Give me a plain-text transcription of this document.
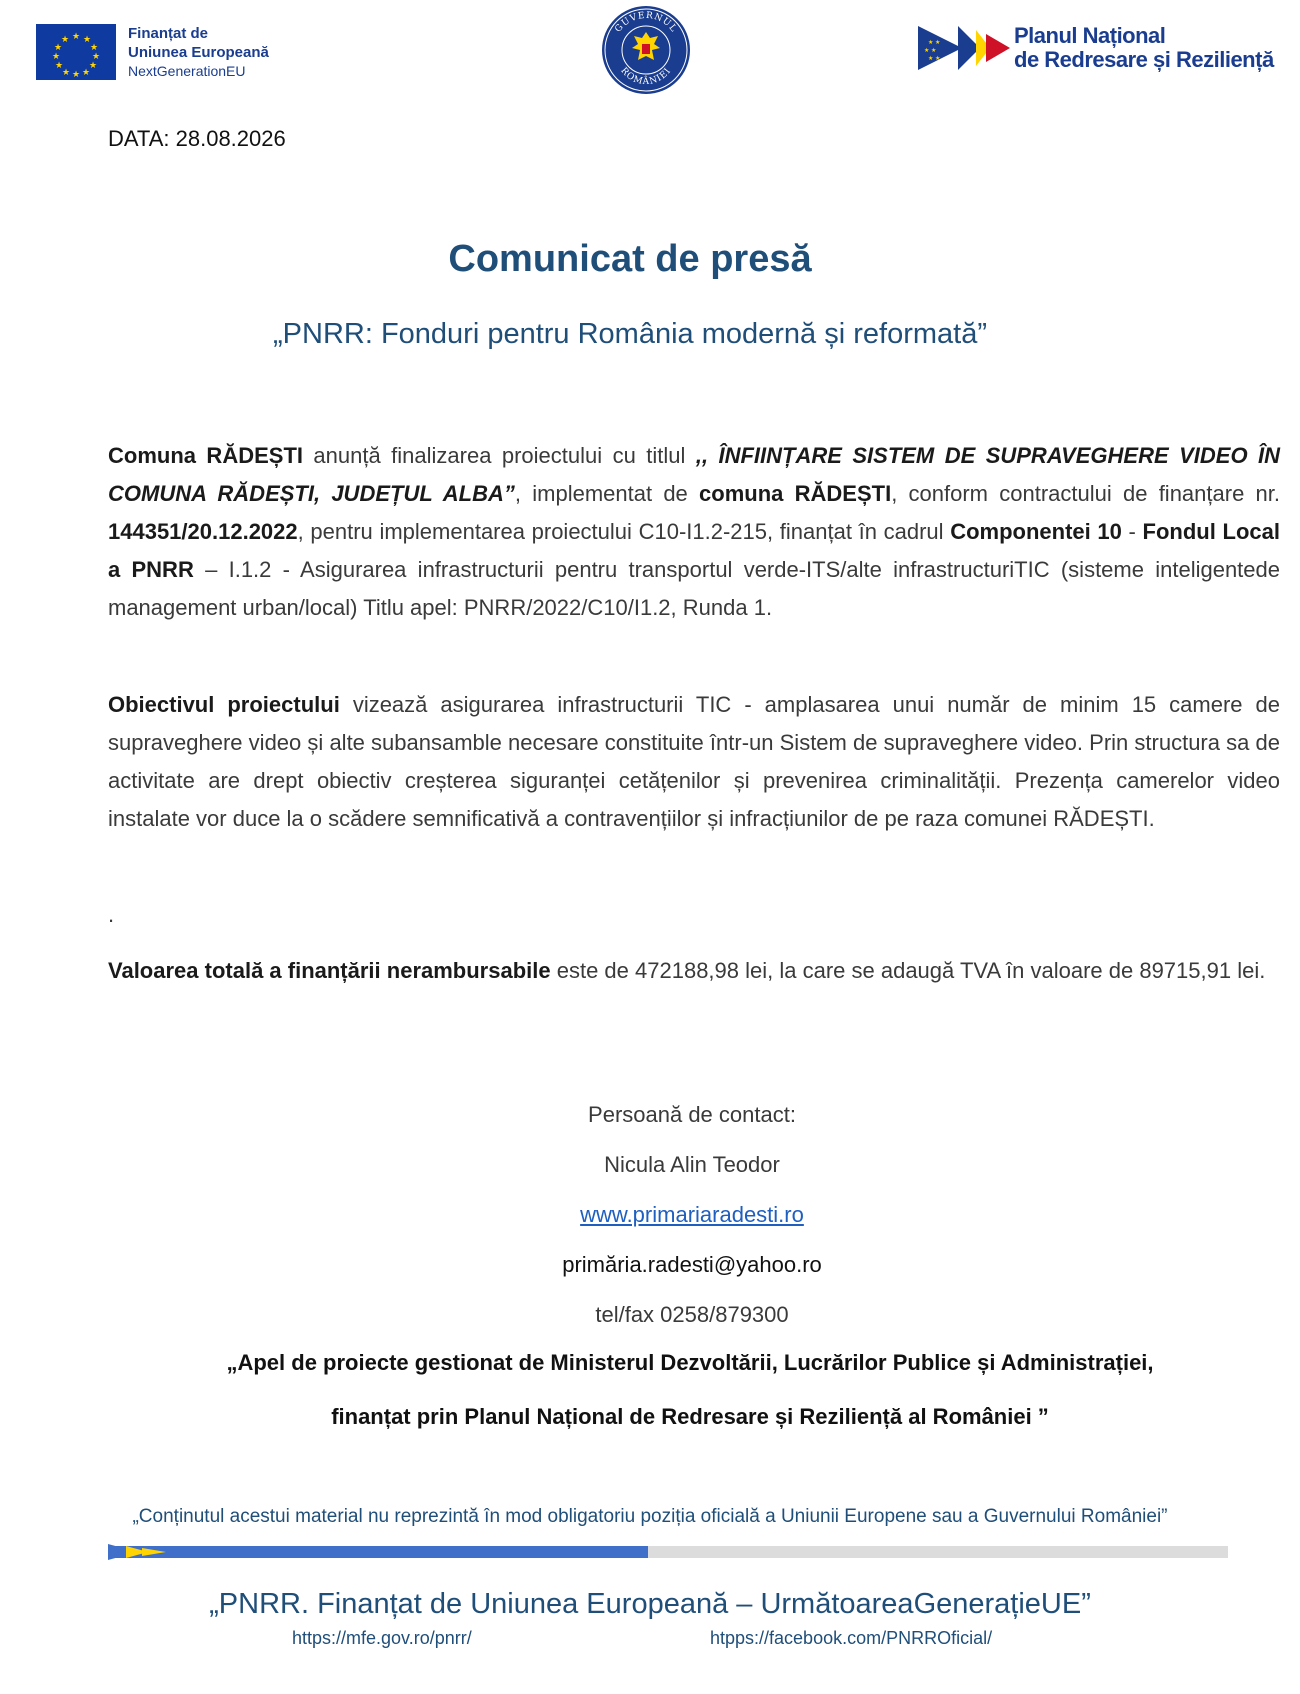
★ ★
★
★
★
★
★
★
★
★
★
★	Finanțat de
Uniunea Europeană
NextGenerationEU
GUVERNUL
ROMÂNIEI
★ ★
★ ★
★ ★
Planul Național
de Redresare și Reziliență
DATA: 28.08.2026
Comunicat de presă
„PNRR: Fonduri pentru România modernă și reformată”
Comuna RĂDEȘTI anunță finalizarea proiectului cu titlul ,, ÎNFIINȚARE SISTEM DE SUPRAVEGHERE VIDEO ÎN COMUNA RĂDEȘTI, JUDEȚUL ALBA”, implementat de comuna RĂDEȘTI, conform contractului de finanțare nr. 144351/20.12.2022, pentru implementarea proiectului C10-I1.2-215, finanțat în cadrul Componentei 10 - Fondul Local a PNRR – I.1.2 - Asigurarea infrastructurii pentru transportul verde-ITS/alte infrastructuriTIC (sisteme inteligentede management urban/local) Titlu apel: PNRR/2022/C10/I1.2, Runda 1.
Obiectivul proiectului vizează asigurarea infrastructurii TIC - amplasarea unui număr de minim 15 camere de supraveghere video și alte subansamble necesare constituite într-un Sistem de supraveghere video. Prin structura sa de activitate are drept obiectiv creșterea siguranței cetățenilor și prevenirea criminalității. Prezența camerelor video instalate vor duce la o scădere semnificativă a contravențiilor și infracțiunilor de pe raza comunei RĂDEȘTI.
.
Valoarea totală a finanțării nerambursabile este de 472188,98 lei, la care se adaugă TVA în valoare de 89715,91 lei.
Persoană de contact:
Nicula Alin Teodor
www.primariaradesti.ro
primăria.radesti@yahoo.ro
tel/fax 0258/879300
„Apel de proiecte gestionat de Ministerul Dezvoltării, Lucrărilor Publice și Administrației,
finanțat prin Planul Național de Redresare și Reziliență al României ”
„Conținutul acestui material nu reprezintă în mod obligatoriu poziția oficială a Uniunii Europene sau a Guvernului României”
„PNRR. Finanțat de Uniunea Europeană – UrmătoareaGenerațieUE”
https://mfe.gov.ro/pnrr/	htpps://facebook.com/PNRROficial/
